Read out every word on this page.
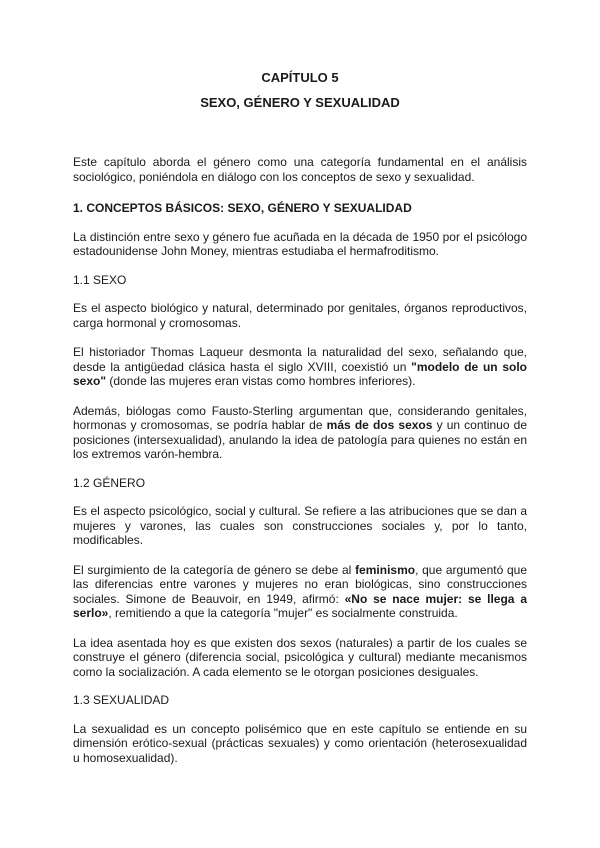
CAPÍTULO 5
SEXO, GÉNERO Y SEXUALIDAD

Este capítulo aborda el género como una categoría fundamental en el análisis sociológico, poniéndola en diálogo con los conceptos de sexo y sexualidad.

1. CONCEPTOS BÁSICOS: SEXO, GÉNERO Y SEXUALIDAD

La distinción entre sexo y género fue acuñada en la década de 1950 por el psicólogo estadounidense John Money, mientras estudiaba el hermafroditismo.

1.1 SEXO

Es el aspecto biológico y natural, determinado por genitales, órganos reproductivos, carga hormonal y cromosomas.

El historiador Thomas Laqueur desmonta la naturalidad del sexo, señalando que, desde la antigüedad clásica hasta el siglo XVIII, coexistió un "modelo de un solo sexo" (donde las mujeres eran vistas como hombres inferiores).

Además, biólogas como Fausto-Sterling argumentan que, considerando genitales, hormonas y cromosomas, se podría hablar de más de dos sexos y un continuo de posiciones (intersexualidad), anulando la idea de patología para quienes no están en los extremos varón-hembra.

1.2 GÉNERO

Es el aspecto psicológico, social y cultural. Se refiere a las atribuciones que se dan a mujeres y varones, las cuales son construcciones sociales y, por lo tanto, modificables.

El surgimiento de la categoría de género se debe al feminismo, que argumentó que las diferencias entre varones y mujeres no eran biológicas, sino construcciones sociales. Simone de Beauvoir, en 1949, afirmó: «No se nace mujer: se llega a serlo», remitiendo a que la categoría "mujer" es socialmente construida.

La idea asentada hoy es que existen dos sexos (naturales) a partir de los cuales se construye el género (diferencia social, psicológica y cultural) mediante mecanismos como la socialización. A cada elemento se le otorgan posiciones desiguales.

1.3 SEXUALIDAD

La sexualidad es un concepto polisémico que en este capítulo se entiende en su dimensión erótico-sexual (prácticas sexuales) y como orientación (heterosexualidad u homosexualidad).
